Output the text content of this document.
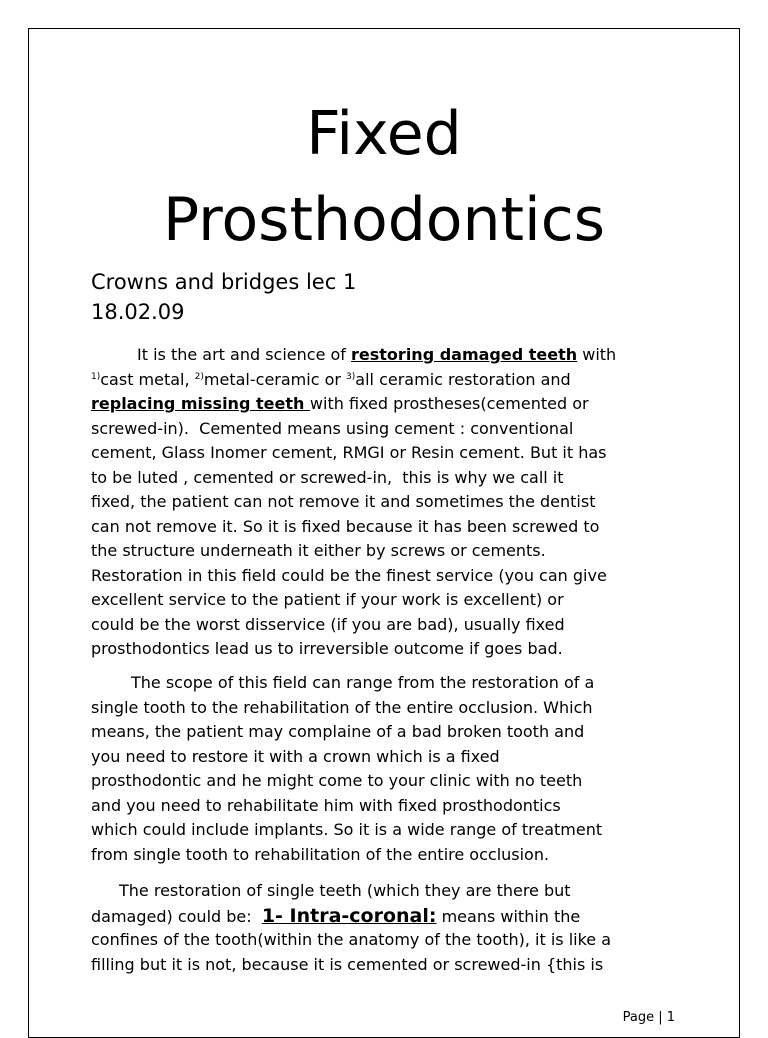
Fixed
Prosthodontics

Crowns and bridges lec 1

18.02.09

It is the art and science of restoring damaged teeth with
$^{1)}$cast metal, $^{2)}$metal-ceramic or $^{3)}$all ceramic restoration and
replacing missing teeth with fixed prostheses(cemented or
screwed-in).  Cemented means using cement : conventional
cement, Glass Inomer cement, RMGI or Resin cement. But it has
to be luted , cemented or screwed-in,  this is why we call it
fixed, the patient can not remove it and sometimes the dentist
can not remove it. So it is fixed because it has been screwed to
the structure underneath it either by screws or cements.
Restoration in this field could be the finest service (you can give
excellent service to the patient if your work is excellent) or
could be the worst disservice (if you are bad), usually fixed
prosthodontics lead us to irreversible outcome if goes bad.
The scope of this field can range from the restoration of a
single tooth to the rehabilitation of the entire occlusion. Which
means, the patient may complaine of a bad broken tooth and
you need to restore it with a crown which is a fixed
prosthodontic and he might come to your clinic with no teeth
and you need to rehabilitate him with fixed prosthodontics
which could include implants. So it is a wide range of treatment
from single tooth to rehabilitation of the entire occlusion.
The restoration of single teeth (which they are there but
damaged) could be:  1- Intra-coronal: means within the
confines of the tooth(within the anatomy of the tooth), it is like a
filling but it is not, because it is cemented or screwed-in {this is
Page | 1
